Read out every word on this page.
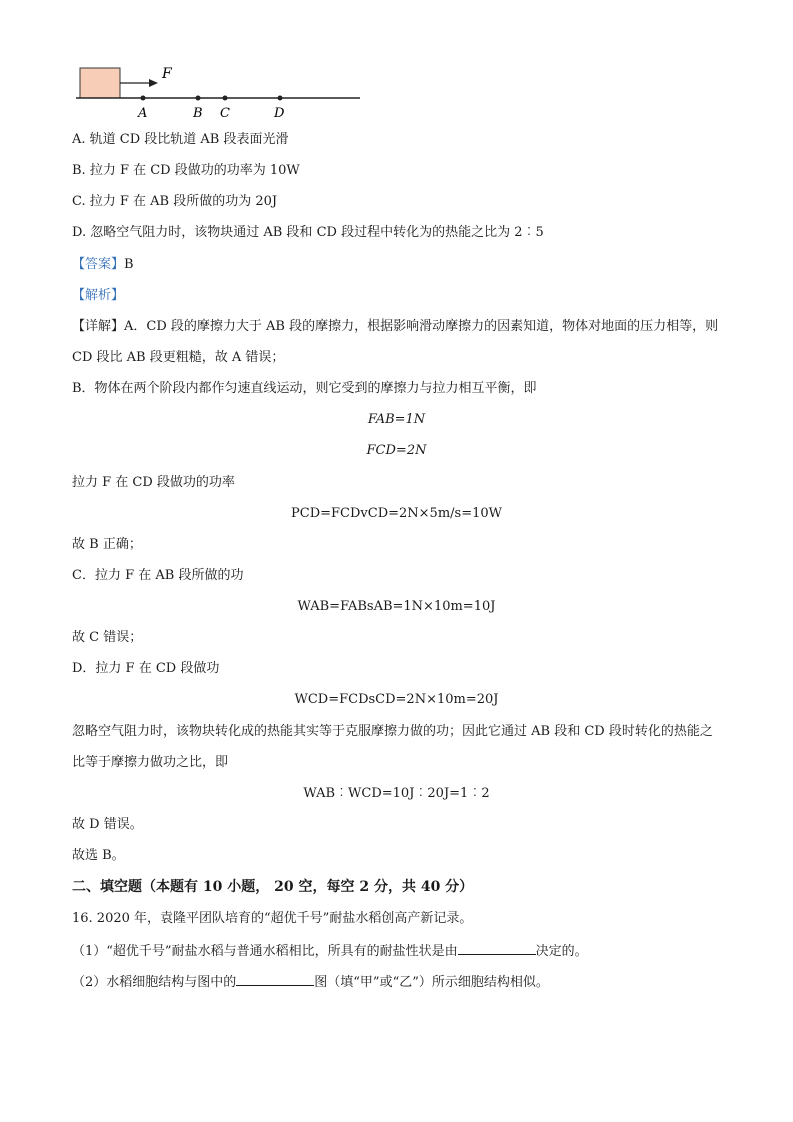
F
A	B C	D
A. 轨道 CD 段比轨道 AB 段表面光滑
B. 拉力 F 在 CD 段做功的功率为 10W
C. 拉力 F 在 AB 段所做的功为 20J
D. 忽略空气阻力时，该物块通过 AB 段和 CD 段过程中转化为的热能之比为 2︰5
【答案】B
【解析】
【详解】A．CD 段的摩擦力大于 AB 段的摩擦力，根据影响滑动摩擦力的因素知道，物体对地面的压力相等，则 CD 段比 AB 段更粗糙，故 A 错误；
B．物体在两个阶段内都作匀速直线运动，则它受到的摩擦力与拉力相互平衡，即
FAB=1N
FCD=2N
拉力 F 在 CD 段做功的功率
PCD=FCDvCD=2N×5m/s=10W
故 B 正确；
C．拉力 F 在 AB 段所做的功
WAB=FABsAB=1N×10m=10J
故 C 错误；
D．拉力 F 在 CD 段做功
WCD=FCDsCD=2N×10m=20J
忽略空气阻力时，该物块转化成的热能其实等于克服摩擦力做的功；因此它通过 AB 段和 CD 段时转化的热能之比等于摩擦力做功之比，即
WAB︰WCD=10J︰20J=1︰2
故 D 错误。
故选 B。
二、填空题（本题有 10 小题， 20 空，每空 2 分，共 40 分）
16. 2020 年，袁隆平团队培育的“超优千号”耐盐水稻创高产新记录。
（1）“超优千号”耐盐水稻与普通水稻相比，所具有的耐盐性状是由	决定的。
（2）水稻细胞结构与图中的	图（填“甲”或“乙”）所示细胞结构相似。
